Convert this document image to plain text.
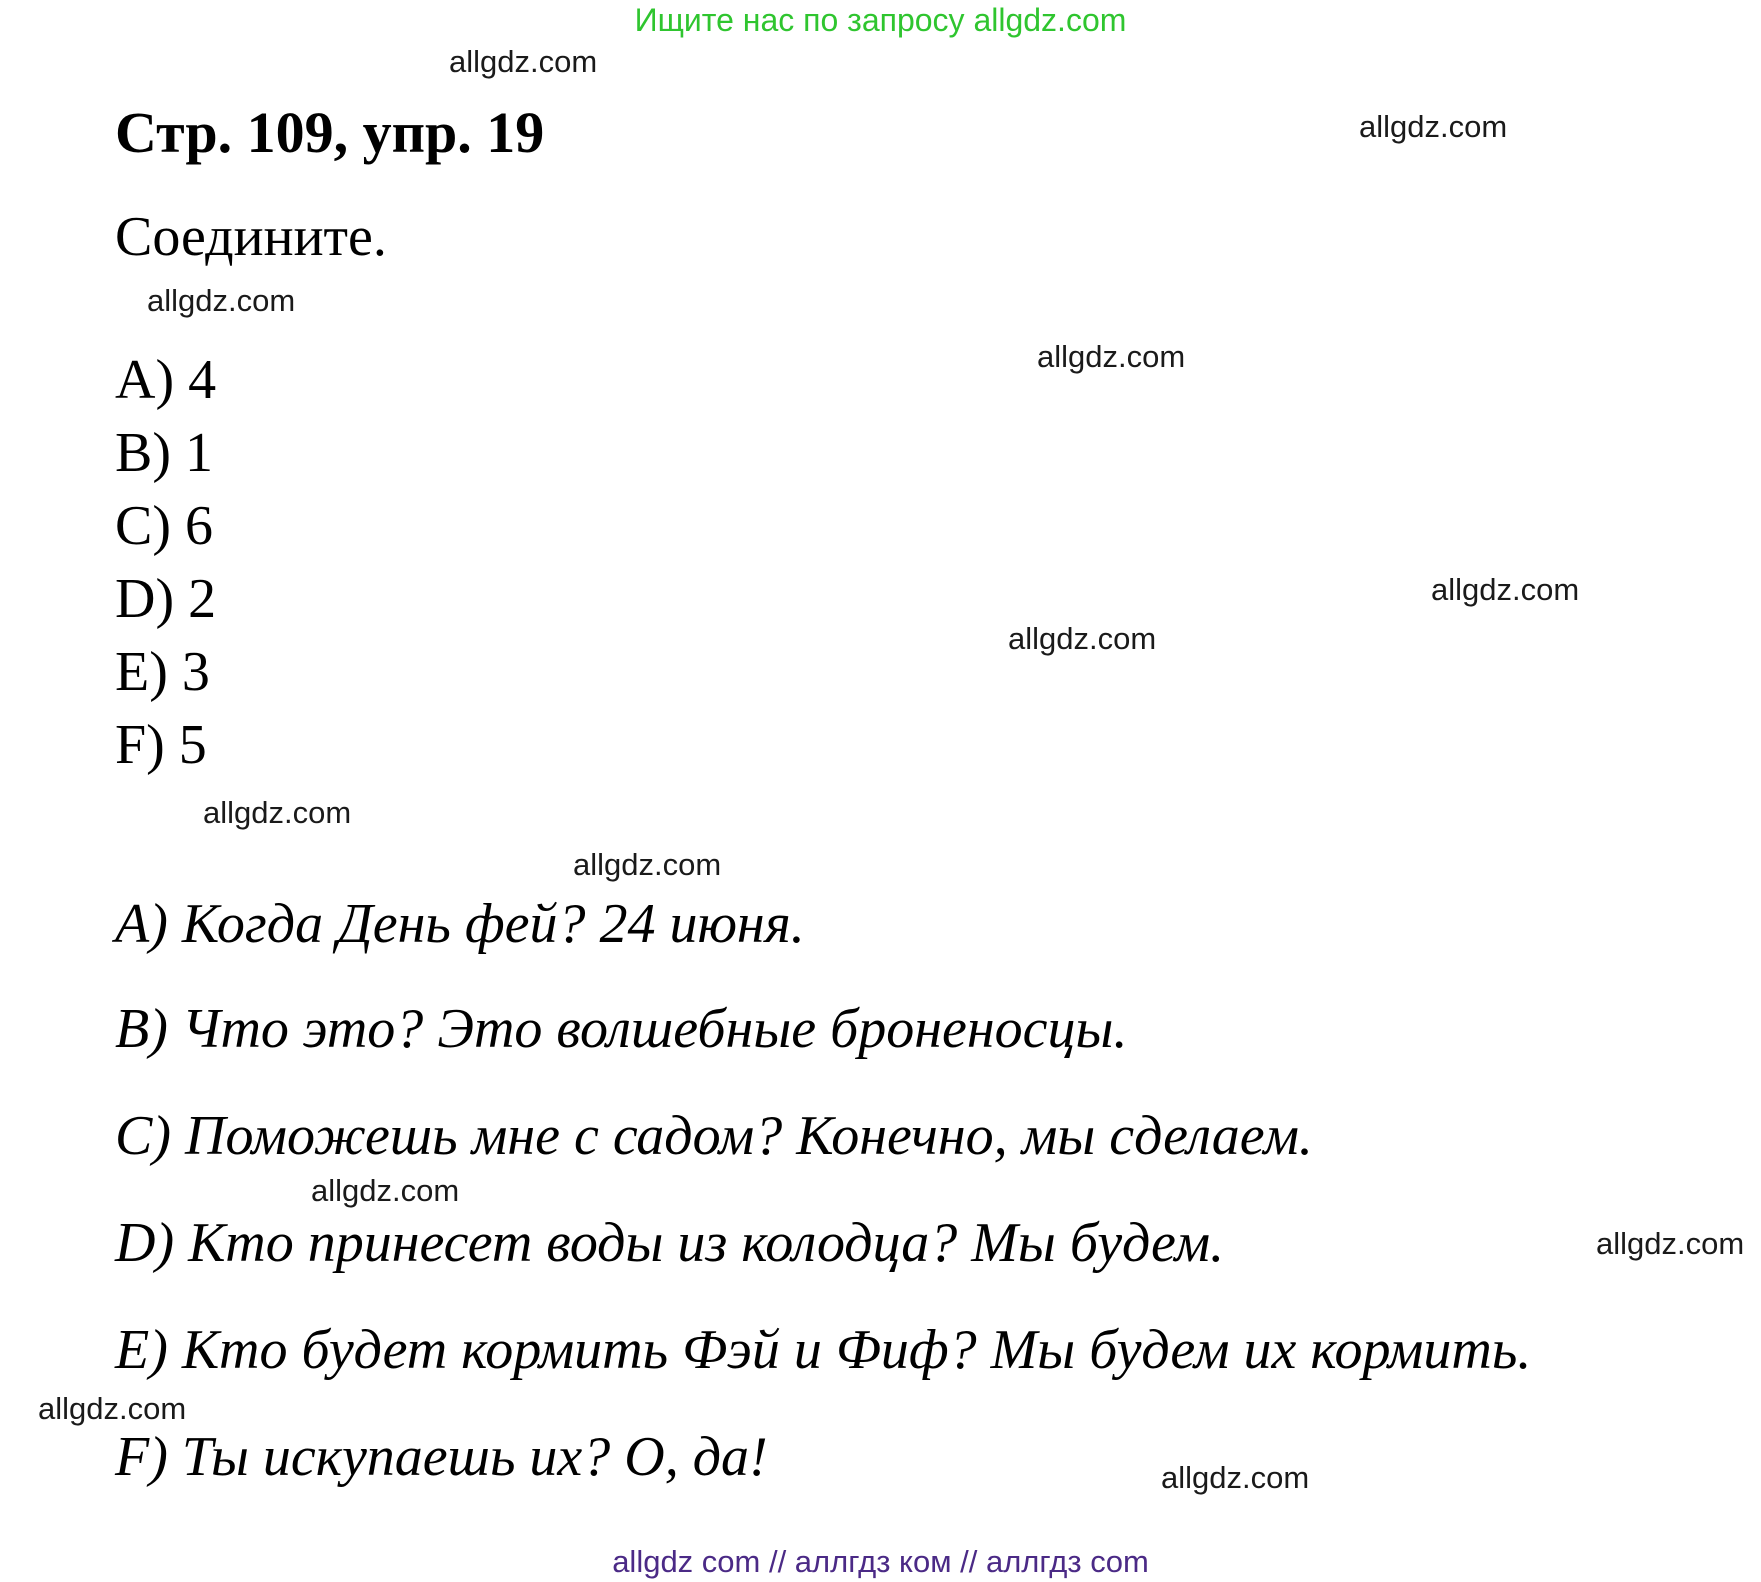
Ищите нас по запросу allgdz.com
Стр. 109, упр. 19
Соедините.
A) 4
B) 1
C) 6
D) 2
E) 3
F) 5
A) Когда День фей? 24 июня.
B) Что это? Это волшебные броненосцы.
C) Поможешь мне с садом? Конечно, мы сделаем.
D) Кто принесет воды из колодца? Мы будем.
E) Кто будет кормить Фэй и Фиф? Мы будем их кормить.
F) Ты искупаешь их? О, да!
allgdz.com
allgdz.com
allgdz.com
allgdz.com
allgdz.com
allgdz.com
allgdz.com
allgdz.com
allgdz.com
allgdz.com
allgdz.com
allgdz.com
allgdz com // аллгдз ком // аллгдз com
